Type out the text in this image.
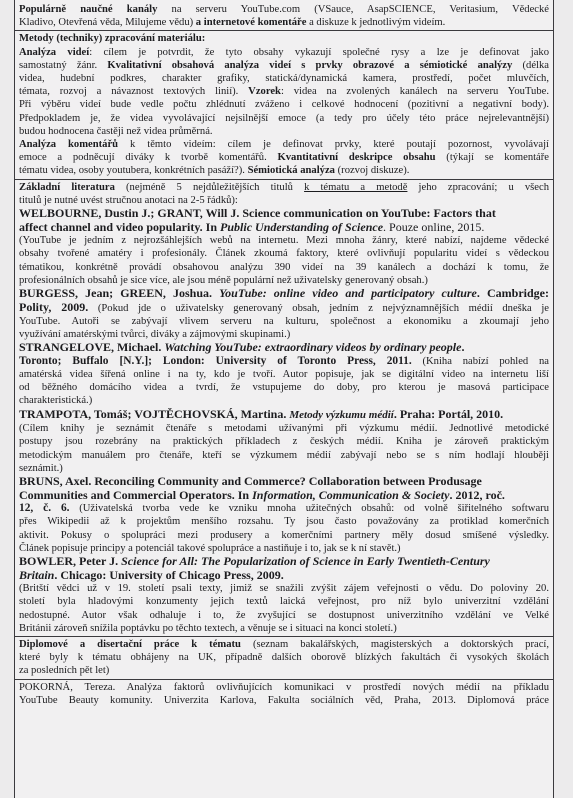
Populárně naučné kanály na serveru YouTube.com (VSauce, AsapSCIENCE, Veritasium, Vědecké
Kladivo, Otevřená věda, Milujeme vědu) a internetové komentáře a diskuze k jednotlivým videím.
Metody (techniky) zpracování materiálu:
Analýza videí: cílem je potvrdit, že tyto obsahy vykazují společné rysy a lze je definovat jako
samostatný žánr. Kvalitativní obsahová analýza videí s prvky obrazové a sémiotické analýzy (délka
videa, hudební podkres, charakter grafiky, statická/dynamická kamera, prostředí, počet mluvčích,
témata, rozvoj a návaznost textových linií). Vzorek: videa na zvolených kanálech na serveru YouTube.
Při výběru videí bude vedle počtu zhlédnutí zváženo i celkové hodnocení (pozitivní a negativní body).
Předpokladem je, že videa vyvolávající nejsilnější emoce (a tedy pro účely této práce nejrelevantnější)
budou hodnocena častěji než videa průměrná.
Analýza komentářů k těmto videím: cílem je definovat prvky, které poutají pozornost, vyvolávají
emoce a podněcují diváky k tvorbě komentářů. Kvantitativní deskripce obsahu (týkají se komentáře
tématu videa, osoby youtubera, konkrétních pasáží?). Sémiotická analýza (rozvoj diskuze).
Základní literatura (nejméně 5 nejdůležitějších titulů k tématu a metodě jeho zpracování; u všech
titulů je nutné uvést stručnou anotaci na 2-5 řádků):
WELBOURNE, Dustin J.; GRANT, Will J. Science communication on YouTube: Factors that
affect channel and video popularity. In Public Understanding of Science. Pouze online, 2015.
(YouTube je jedním z nejrozšáhlejších webů na internetu. Mezi mnoha žánry, které nabízí, najdeme vědecké
obsahy tvořené amatéry i profesionály. Článek zkoumá faktory, které ovlivňují popularitu videí s vědeckou
tématikou, konkrétně provádí obsahovou analýzu 390 videí na 39 kanálech a dochází k tomu, že
profesionálních obsahů je sice více, ale jsou méně populární než uživatelsky generovaný obsah.)
BURGESS, Jean; GREEN, Joshua. YouTube: online video and participatory culture. Cambridge:
Polity, 2009. (Pokud jde o uživatelsky generovaný obsah, jedním z nejvýznamnějších médií dneška je
YouTube. Autoři se zabývají vlivem serveru na kulturu, společnost a ekonomiku a zkoumají jeho
využívání amatérskými tvůrci, diváky a zájmovými skupinami.)
STRANGELOVE, Michael. Watching YouTube: extraordinary videos by ordinary people.
Toronto; Buffalo [N.Y.]; London: University of Toronto Press, 2011. (Kniha nabízí pohled na
amatérská videa šířená online i na ty, kdo je tvoří. Autor popisuje, jak se digitální video na internetu liší
od běžného domácího videa a tvrdí, že vstupujeme do doby, pro kterou je masová participace
charakteristická.)
TRAMPOTA, Tomáš; VOJTĚCHOVSKÁ, Martina. Metody výzkumu médií. Praha: Portál, 2010.
(Cílem knihy je seznámit čtenáře s metodami užívanými při výzkumu médií. Jednotlivé metodické
postupy jsou rozebrány na praktických příkladech z českých médií. Kniha je zároveň praktickým
metodickým manuálem pro čtenáře, kteří se výzkumem médií zabývají nebo se s ním hodlají hlouběji
seznámit.)
BRUNS, Axel. Reconciling Community and Commerce? Collaboration between Produsage
Communities and Commercial Operators. In Information, Communication & Society. 2012, roč.
12, č. 6. (Uživatelská tvorba vede ke vzniku mnoha užitečných obsahů: od volně šiřitelného softwaru
přes Wikipedii až k projektům menšího rozsahu. Ty jsou často považovány za protiklad komerčních
aktivit. Pokusy o spolupráci mezi produsery a komerčními partnery měly dosud smíšené výsledky.
Článek popisuje principy a potenciál takové spolupráce a nastiňuje i to, jak se k ní stavět.)
BOWLER, Peter J. Science for All: The Popularization of Science in Early Twentieth-Century
Britain. Chicago: University of Chicago Press, 2009.
(Britští vědci už v 19. století psali texty, jimiž se snažili zvýšit zájem veřejnosti o vědu. Do poloviny 20.
století byla hladovými konzumenty jejich textů laická veřejnost, pro níž bylo univerzitní vzdělání
nedostupné. Autor však odhaluje i to, že zvyšující se dostupnost univerzitního vzdělání ve Velké
Británii zároveň snížila poptávku po těchto textech, a věnuje se i situaci na konci století.)
Diplomové a disertační práce k tématu (seznam bakalářských, magisterských a doktorských prací,
které byly k tématu obhájeny na UK, případně dalších oborově blízkých fakultách či vysokých školách
za posledních pět let)
POKORNÁ, Tereza. Analýza faktorů ovlivňujících komunikaci v prostředí nových médií na příkladu
YouTube Beauty komunity. Univerzita Karlova, Fakulta sociálních věd, Praha, 2013. Diplomová práce
